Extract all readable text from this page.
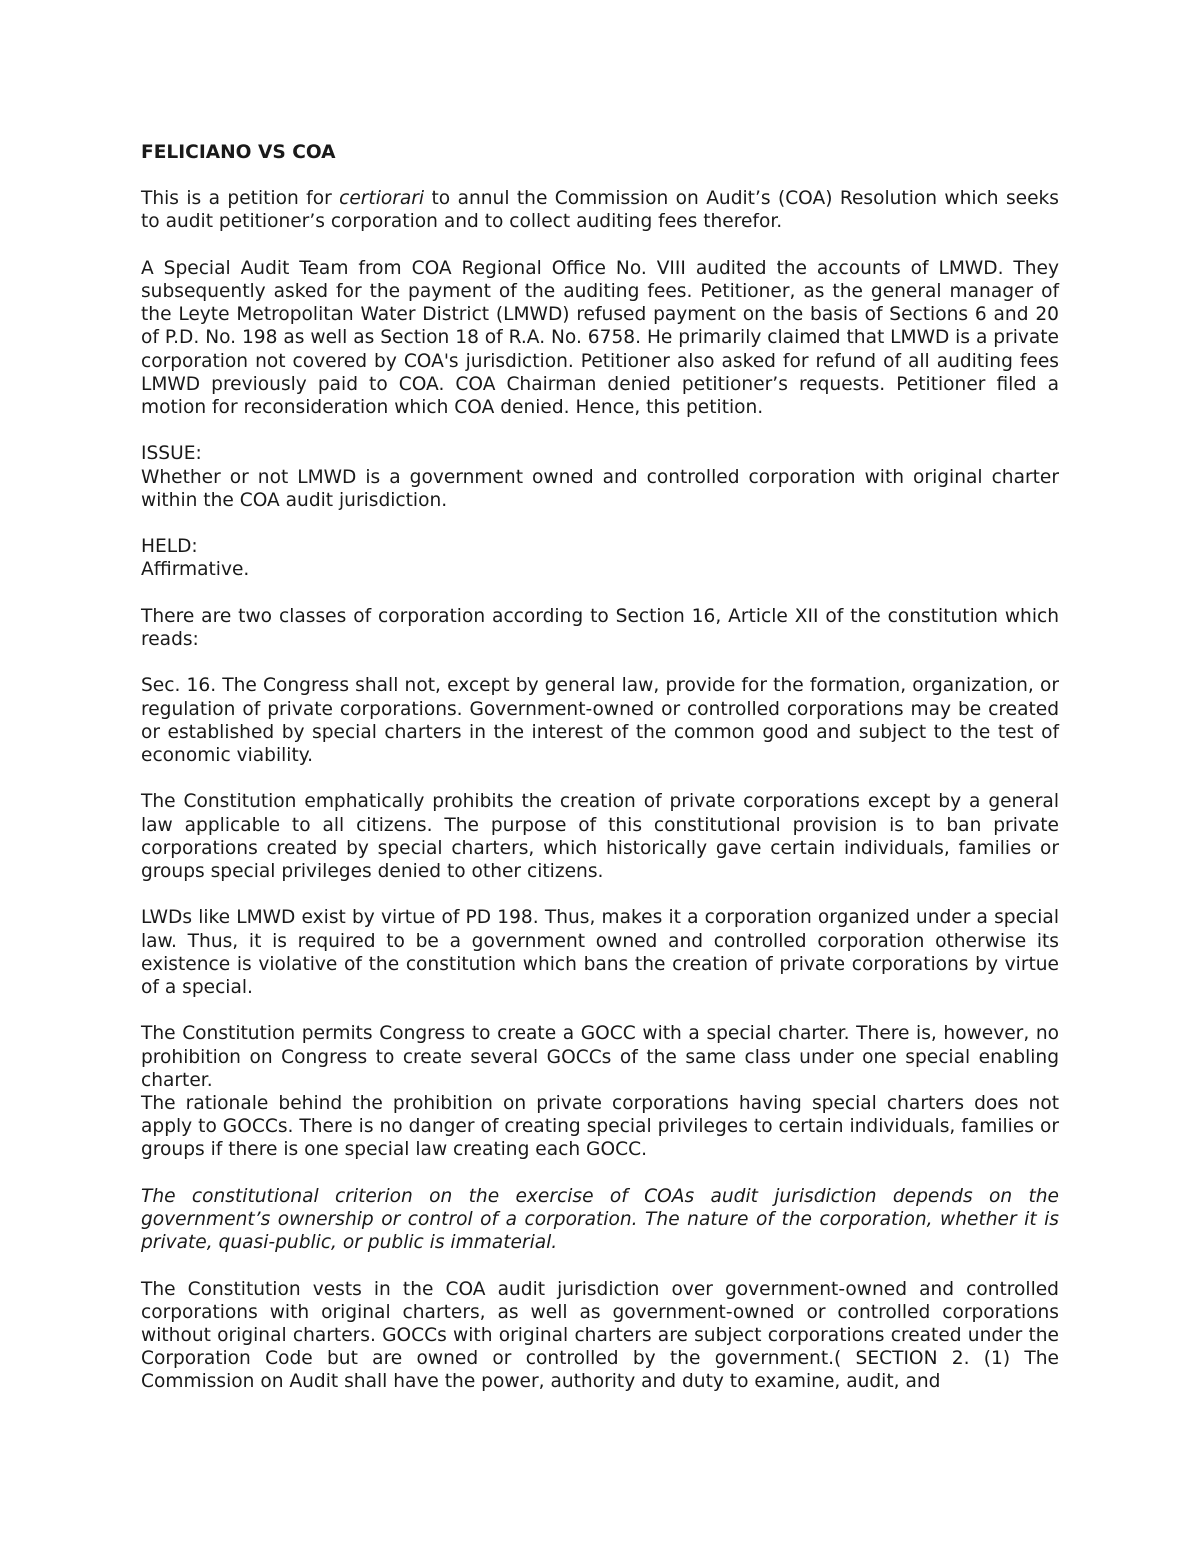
FELICIANO VS COA

This is a petition for certiorari to annul the Commission on Audit’s (COA) Resolution which seeks to audit petitioner’s corporation and to collect auditing fees therefor.

A Special Audit Team from COA Regional Office No. VIII audited the accounts of LMWD. They subsequently asked for the payment of the auditing fees. Petitioner, as the general manager of the Leyte Metropolitan Water District (LMWD) refused payment on the basis of Sections 6 and 20 of P.D. No. 198 as well as Section 18 of R.A. No. 6758. He primarily claimed that LMWD is a private corporation not covered by COA's jurisdiction. Petitioner also asked for refund of all auditing fees LMWD previously paid to COA. COA Chairman denied petitioner’s requests. Petitioner filed a motion for reconsideration which COA denied. Hence, this petition.

ISSUE:
Whether or not LMWD is a government owned and controlled corporation with original charter within the COA audit jurisdiction.

HELD:
Affirmative.

There are two classes of corporation according to Section 16, Article XII of the constitution which reads:

Sec. 16. The Congress shall not, except by general law, provide for the formation, organization, or regulation of private corporations. Government-owned or controlled corporations may be created or established by special charters in the interest of the common good and subject to the test of economic viability.

The Constitution emphatically prohibits the creation of private corporations except by a general law applicable to all citizens. The purpose of this constitutional provision is to ban private corporations created by special charters, which historically gave certain individuals, families or groups special privileges denied to other citizens.

LWDs like LMWD exist by virtue of PD 198. Thus, makes it a corporation organized under a special law. Thus, it is required to be a government owned and controlled corporation otherwise its existence is violative of the constitution which bans the creation of private corporations by virtue of a special.

The Constitution permits Congress to create a GOCC with a special charter. There is, however, no prohibition on Congress to create several GOCCs of the same class under one special enabling charter.

The rationale behind the prohibition on private corporations having special charters does not apply to GOCCs. There is no danger of creating special privileges to certain individuals, families or groups if there is one special law creating each GOCC.

The constitutional criterion on the exercise of COAs audit jurisdiction depends on the government’s ownership or control of a corporation. The nature of the corporation, whether it is private, quasi-public, or public is immaterial.

The Constitution vests in the COA audit jurisdiction over government-owned and controlled corporations with original charters, as well as government-owned or controlled corporations without original charters. GOCCs with original charters are subject corporations created under the Corporation Code but are owned or controlled by the government.( SECTION 2. (1) The Commission on Audit shall have the power, authority and duty to examine, audit, and
